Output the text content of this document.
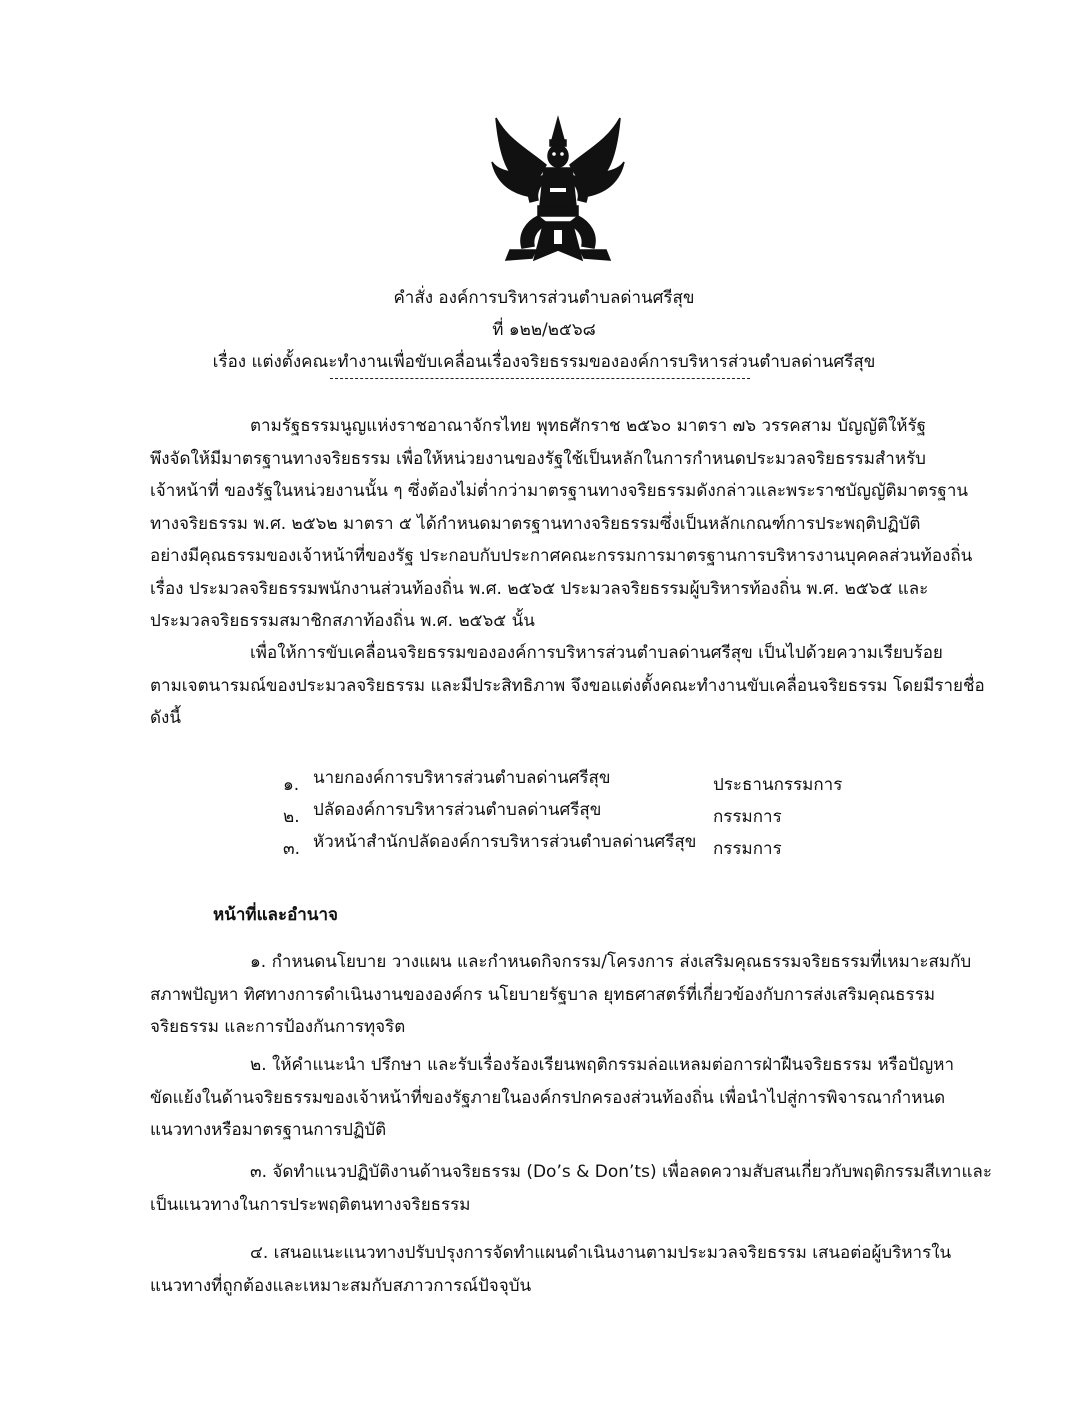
คำสั่ง องค์การบริหารส่วนตำบลด่านศรีสุข
ที่ ๑๒๒/๒๕๖๘
เรื่อง แต่งตั้งคณะทำงานเพื่อขับเคลื่อนเรื่องจริยธรรมขององค์การบริหารส่วนตำบลด่านศรีสุข
ตามรัฐธรรมนูญแห่งราชอาณาจักรไทย พุทธศักราช ๒๕๖๐ มาตรา ๗๖ วรรคสาม บัญญัติให้รัฐ
พึงจัดให้มีมาตรฐานทางจริยธรรม เพื่อให้หน่วยงานของรัฐใช้เป็นหลักในการกำหนดประมวลจริยธรรมสำหรับ
เจ้าหน้าที่ ของรัฐในหน่วยงานนั้น ๆ ซึ่งต้องไม่ต่ำกว่ามาตรฐานทางจริยธรรมดังกล่าวและพระราชบัญญัติมาตรฐาน
ทางจริยธรรม พ.ศ. ๒๕๖๒ มาตรา ๕ ได้กำหนดมาตรฐานทางจริยธรรมซึ่งเป็นหลักเกณฑ์การประพฤติปฏิบัติ
อย่างมีคุณธรรมของเจ้าหน้าที่ของรัฐ ประกอบกับประกาศคณะกรรมการมาตรฐานการบริหารงานบุคคลส่วนท้องถิ่น
เรื่อง ประมวลจริยธรรมพนักงานส่วนท้องถิ่น พ.ศ. ๒๕๖๕ ประมวลจริยธรรมผู้บริหารท้องถิ่น พ.ศ. ๒๕๖๕ และ
ประมวลจริยธรรมสมาชิกสภาท้องถิ่น พ.ศ. ๒๕๖๕ นั้น
เพื่อให้การขับเคลื่อนจริยธรรมขององค์การบริหารส่วนตำบลด่านศรีสุข เป็นไปด้วยความเรียบร้อย
ตามเจตนารมณ์ของประมวลจริยธรรม และมีประสิทธิภาพ จึงขอแต่งตั้งคณะทำงานขับเคลื่อนจริยธรรม โดยมีรายชื่อ
ดังนี้
๑. นายกองค์การบริหารส่วนตำบลด่านศรีสุข	ประธานกรรมการ
๒. ปลัดองค์การบริหารส่วนตำบลด่านศรีสุข	กรรมการ
๓. หัวหน้าสำนักปลัดองค์การบริหารส่วนตำบลด่านศรีสุข กรรมการ
หน้าที่และอำนาจ
๑. กำหนดนโยบาย วางแผน และกำหนดกิจกรรม/โครงการ ส่งเสริมคุณธรรมจริยธรรมที่เหมาะสมกับ
สภาพปัญหา ทิศทางการดำเนินงานขององค์กร นโยบายรัฐบาล ยุทธศาสตร์ที่เกี่ยวข้องกับการส่งเสริมคุณธรรม
จริยธรรม และการป้องกันการทุจริต
๒. ให้คำแนะนำ ปรึกษา และรับเรื่องร้องเรียนพฤติกรรมล่อแหลมต่อการฝ่าฝืนจริยธรรม หรือปัญหา
ขัดแย้งในด้านจริยธรรมของเจ้าหน้าที่ของรัฐภายในองค์กรปกครองส่วนท้องถิ่น เพื่อนำไปสู่การพิจารณากำหนด
แนวทางหรือมาตรฐานการปฏิบัติ
๓. จัดทำแนวปฏิบัติงานด้านจริยธรรม (Do’s & Don’ts) เพื่อลดความสับสนเกี่ยวกับพฤติกรรมสีเทาและ
เป็นแนวทางในการประพฤติตนทางจริยธรรม
๔. เสนอแนะแนวทางปรับปรุงการจัดทำแผนดำเนินงานตามประมวลจริยธรรม เสนอต่อผู้บริหารใน
แนวทางที่ถูกต้องและเหมาะสมกับสภาวการณ์ปัจจุบัน
